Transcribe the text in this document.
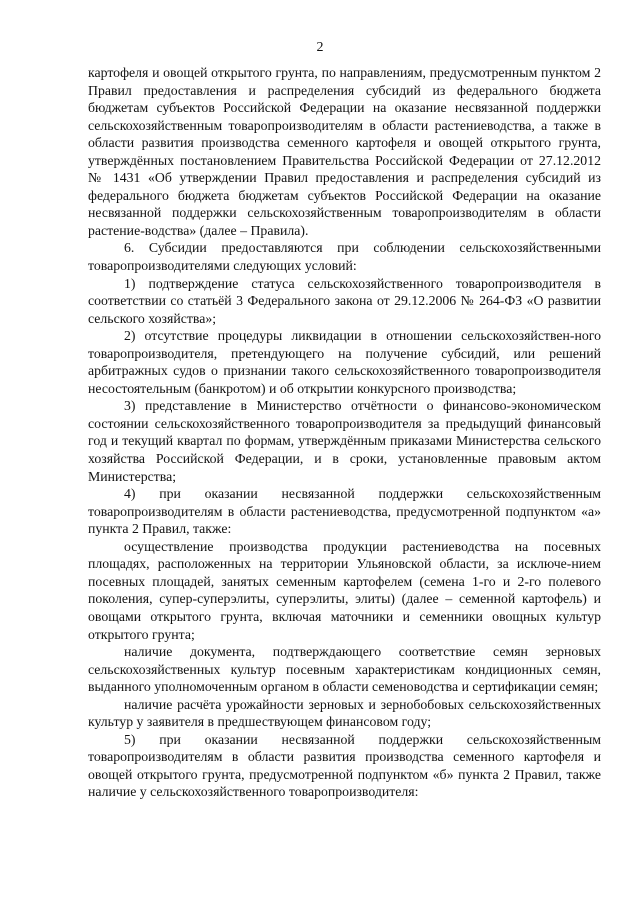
2

картофеля и овощей открытого грунта, по направлениям, предусмотренным пунктом 2 Правил предоставления и распределения субсидий из федерального бюджета бюджетам субъектов Российской Федерации на оказание несвязанной поддержки сельскохозяйственным товаропроизводителям в области растениеводства, а также в области развития производства семенного картофеля и овощей открытого грунта, утверждённых постановлением Правительства Российской Федерации от 27.12.2012 № 1431 «Об утверждении Правил предоставления и распределения субсидий из федерального бюджета бюджетам субъектов Российской Федерации на оказание несвязанной поддержки сельскохозяйственным товаропроизводителям в области растение-водства» (далее – Правила).

6. Субсидии предоставляются при соблюдении сельскохозяйственными товаропроизводителями следующих условий:

1) подтверждение статуса сельскохозяйственного товаропроизводителя в соответствии со статьёй 3 Федерального закона от 29.12.2006 № 264-ФЗ «О развитии сельского хозяйства»;

2) отсутствие процедуры ликвидации в отношении сельскохозяйствен-ного товаропроизводителя, претендующего на получение субсидий, или решений арбитражных судов о признании такого сельскохозяйственного товаропроизводителя несостоятельным (банкротом) и об открытии конкурсного производства;

3) представление в Министерство отчётности о финансово-экономическом состоянии сельскохозяйственного товаропроизводителя за предыдущий финансовый год и текущий квартал по формам, утверждённым приказами Министерства сельского хозяйства Российской Федерации, и в сроки, установленные правовым актом Министерства;

4) при оказании несвязанной поддержки сельскохозяйственным товаропроизводителям в области растениеводства, предусмотренной подпунктом «а» пункта 2 Правил, также:

осуществление производства продукции растениеводства на посевных площадях, расположенных на территории Ульяновской области, за исключе-нием посевных площадей, занятых семенным картофелем (семена 1-го и 2-го полевого поколения, супер-суперэлиты, суперэлиты, элиты) (далее – семенной картофель) и овощами открытого грунта, включая маточники и семенники овощных культур открытого грунта;

наличие документа, подтверждающего соответствие семян зерновых сельскохозяйственных культур посевным характеристикам кондиционных семян, выданного уполномоченным органом в области семеноводства и сертификации семян;

наличие расчёта урожайности зерновых и зернобобовых сельскохозяйственных культур у заявителя в предшествующем финансовом году;

5) при оказании несвязанной поддержки сельскохозяйственным товаропроизводителям в области развития производства семенного картофеля и овощей открытого грунта, предусмотренной подпунктом «б» пункта 2 Правил, также наличие у сельскохозяйственного товаропроизводителя:
